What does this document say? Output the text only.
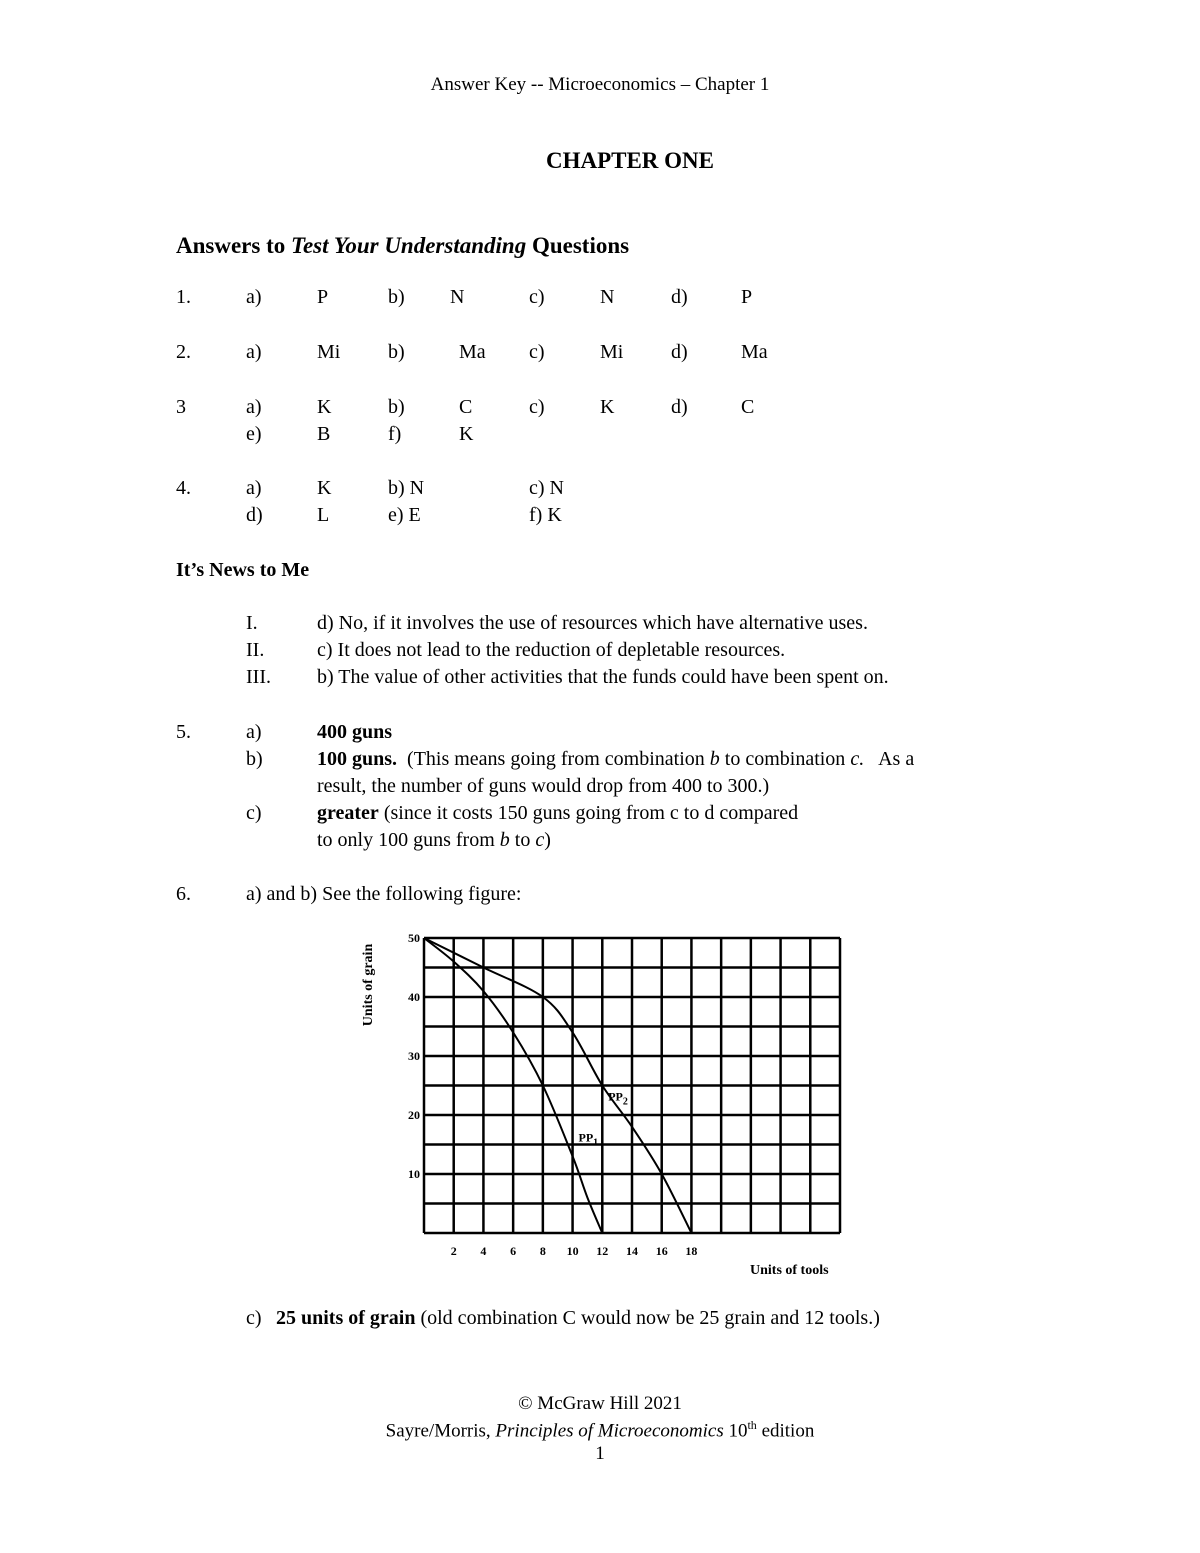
Answer Key -- Microeconomics – Chapter 1
CHAPTER ONE
Answers to Test Your Understanding Questions
1.	a)	P	b) N	c)	N	d)	P
2.	a)	Mi b)	Ma c)	Mi d)	Ma
3	a)	K	b)	C	c)	K	d)	C
e)	B	f)	K
4.	a)	K	b) N	c) N
d)	L	e) E	f) K
It’s News to Me
I.	d) No, if it involves the use of resources which have alternative uses.
II.	c) It does not lead to the reduction of depletable resources.
III. b) The value of other activities that the funds could have been spent on.
5.	a)	400 guns
b)	100 guns.  (This means going from combination b to combination c.   As a
result, the number of guns would drop from 400 to 300.)
c)	greater (since it costs 150 guns going from c to d compared
to only 100 guns from b to c)
6.	a) and b) See the following figure:
2 4 6 8 10 12 14 16 18
10
20
30
40
50
$PP_1$
$PP_2$
Units of tools
Units of grain
c) 25 units of grain (old combination C would now be 25 grain and 12 tools.)
© McGraw Hill 2021
Sayre/Morris, Principles of Microeconomics 10th edition
1
